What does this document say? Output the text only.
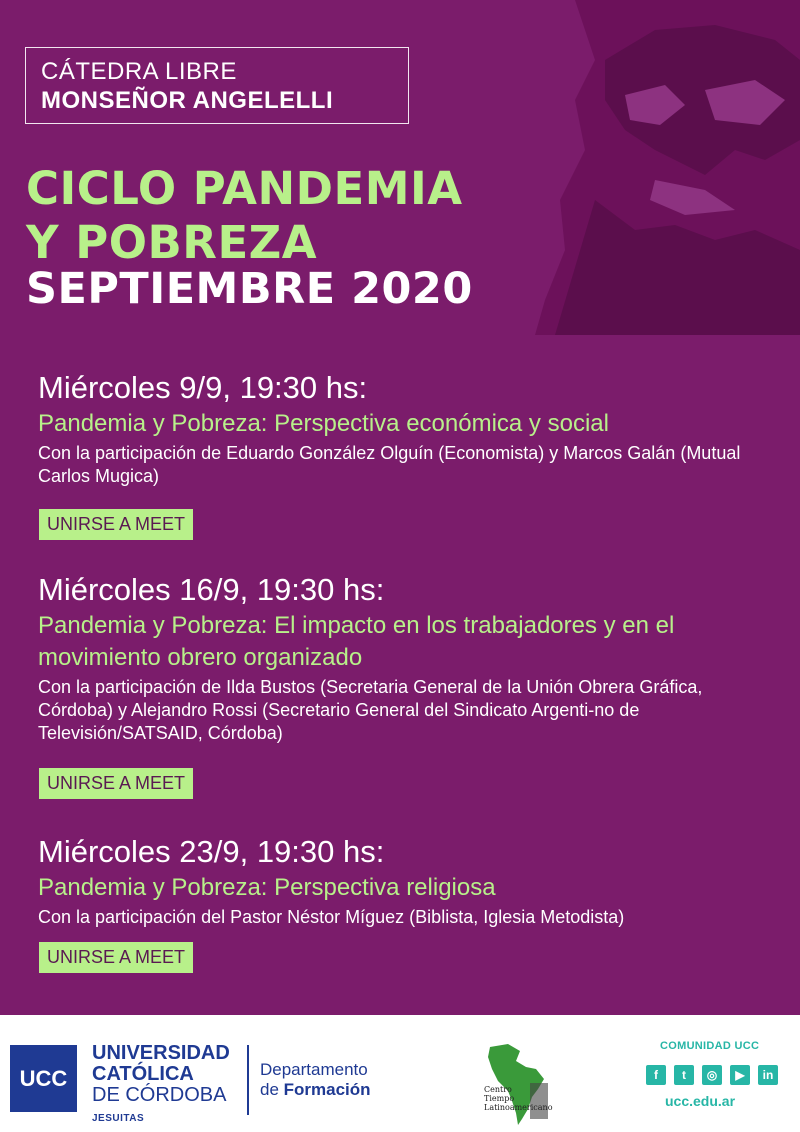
CÁTEDRA LIBRE
MONSEÑOR ANGELELLI
CICLO PANDEMIA
Y POBREZA
SEPTIEMBRE 2020
Miércoles 9/9, 19:30 hs:
Pandemia y Pobreza: Perspectiva económica y social
Con la participación de Eduardo González Olguín (Economista) y Marcos Galán (Mutual Carlos Mugica)
UNIRSE A MEET
Miércoles 16/9, 19:30 hs:
Pandemia y Pobreza: El impacto en los trabajadores y en el movimiento obrero organizado
Con la participación de Ilda Bustos (Secretaria General de la Unión Obrera Gráfica, Córdoba) y Alejandro Rossi (Secretario General del Sindicato Argenti-no de Televisión/SATSAID, Córdoba)
UNIRSE A MEET
Miércoles 23/9, 19:30 hs:
Pandemia y Pobreza: Perspectiva religiosa
Con la participación del Pastor Néstor Míguez (Biblista, Iglesia Metodista)
UNIRSE A MEET
UCC
UNIVERSIDAD
CATÓLICA
DE CÓRDOBA
JESUITAS
Departamento
de Formación	Centro
Tiempo
Latinoamericano
COMUNIDAD UCC
f	t	◎	▶	in
ucc.edu.ar
